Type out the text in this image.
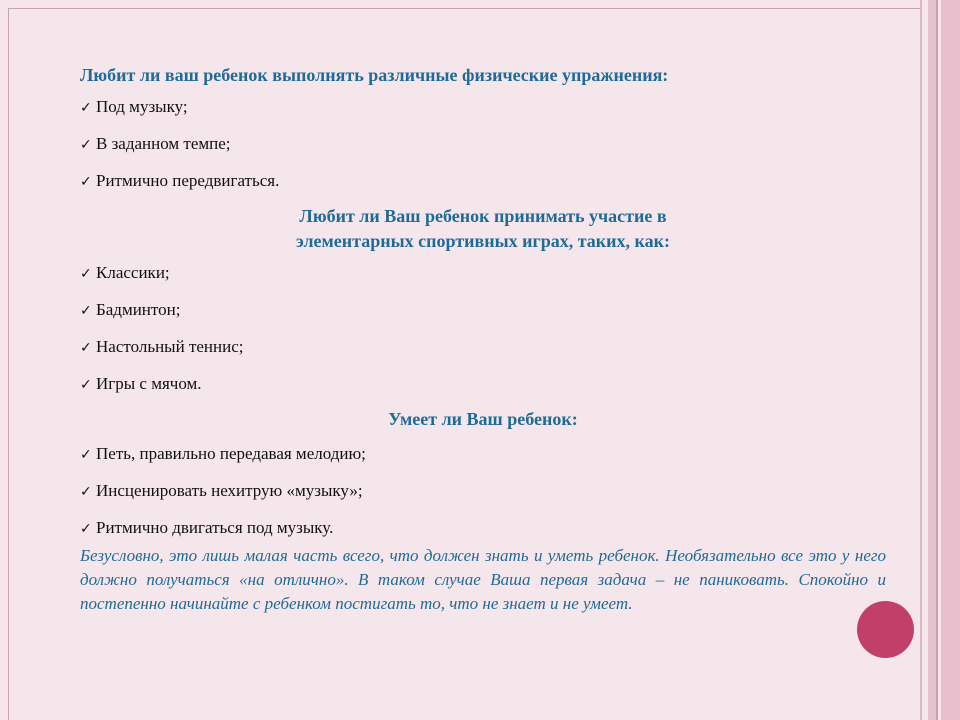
Любит ли ваш ребенок выполнять различные физические упражнения:

✓ Под музыку;

✓ В заданном темпе;

✓ Ритмично передвигаться.

Любит ли Ваш ребенок принимать участие в

элементарных спортивных играх, таких, как:

✓ Классики;

✓ Бадминтон;

✓ Настольный теннис;

✓ Игры с мячом.

Умеет ли Ваш ребенок:

✓ Петь, правильно передавая мелодию;

✓ Инсценировать нехитрую «музыку»;

✓ Ритмично двигаться под музыку.

Безусловно, это лишь малая часть всего, что должен знать и уметь ребенок. Необязательно все это у него должно получаться «на отлично». В таком случае Ваша первая задача – не паниковать. Спокойно и постепенно начинайте с ребенком постигать то, что не знает и не умеет.
